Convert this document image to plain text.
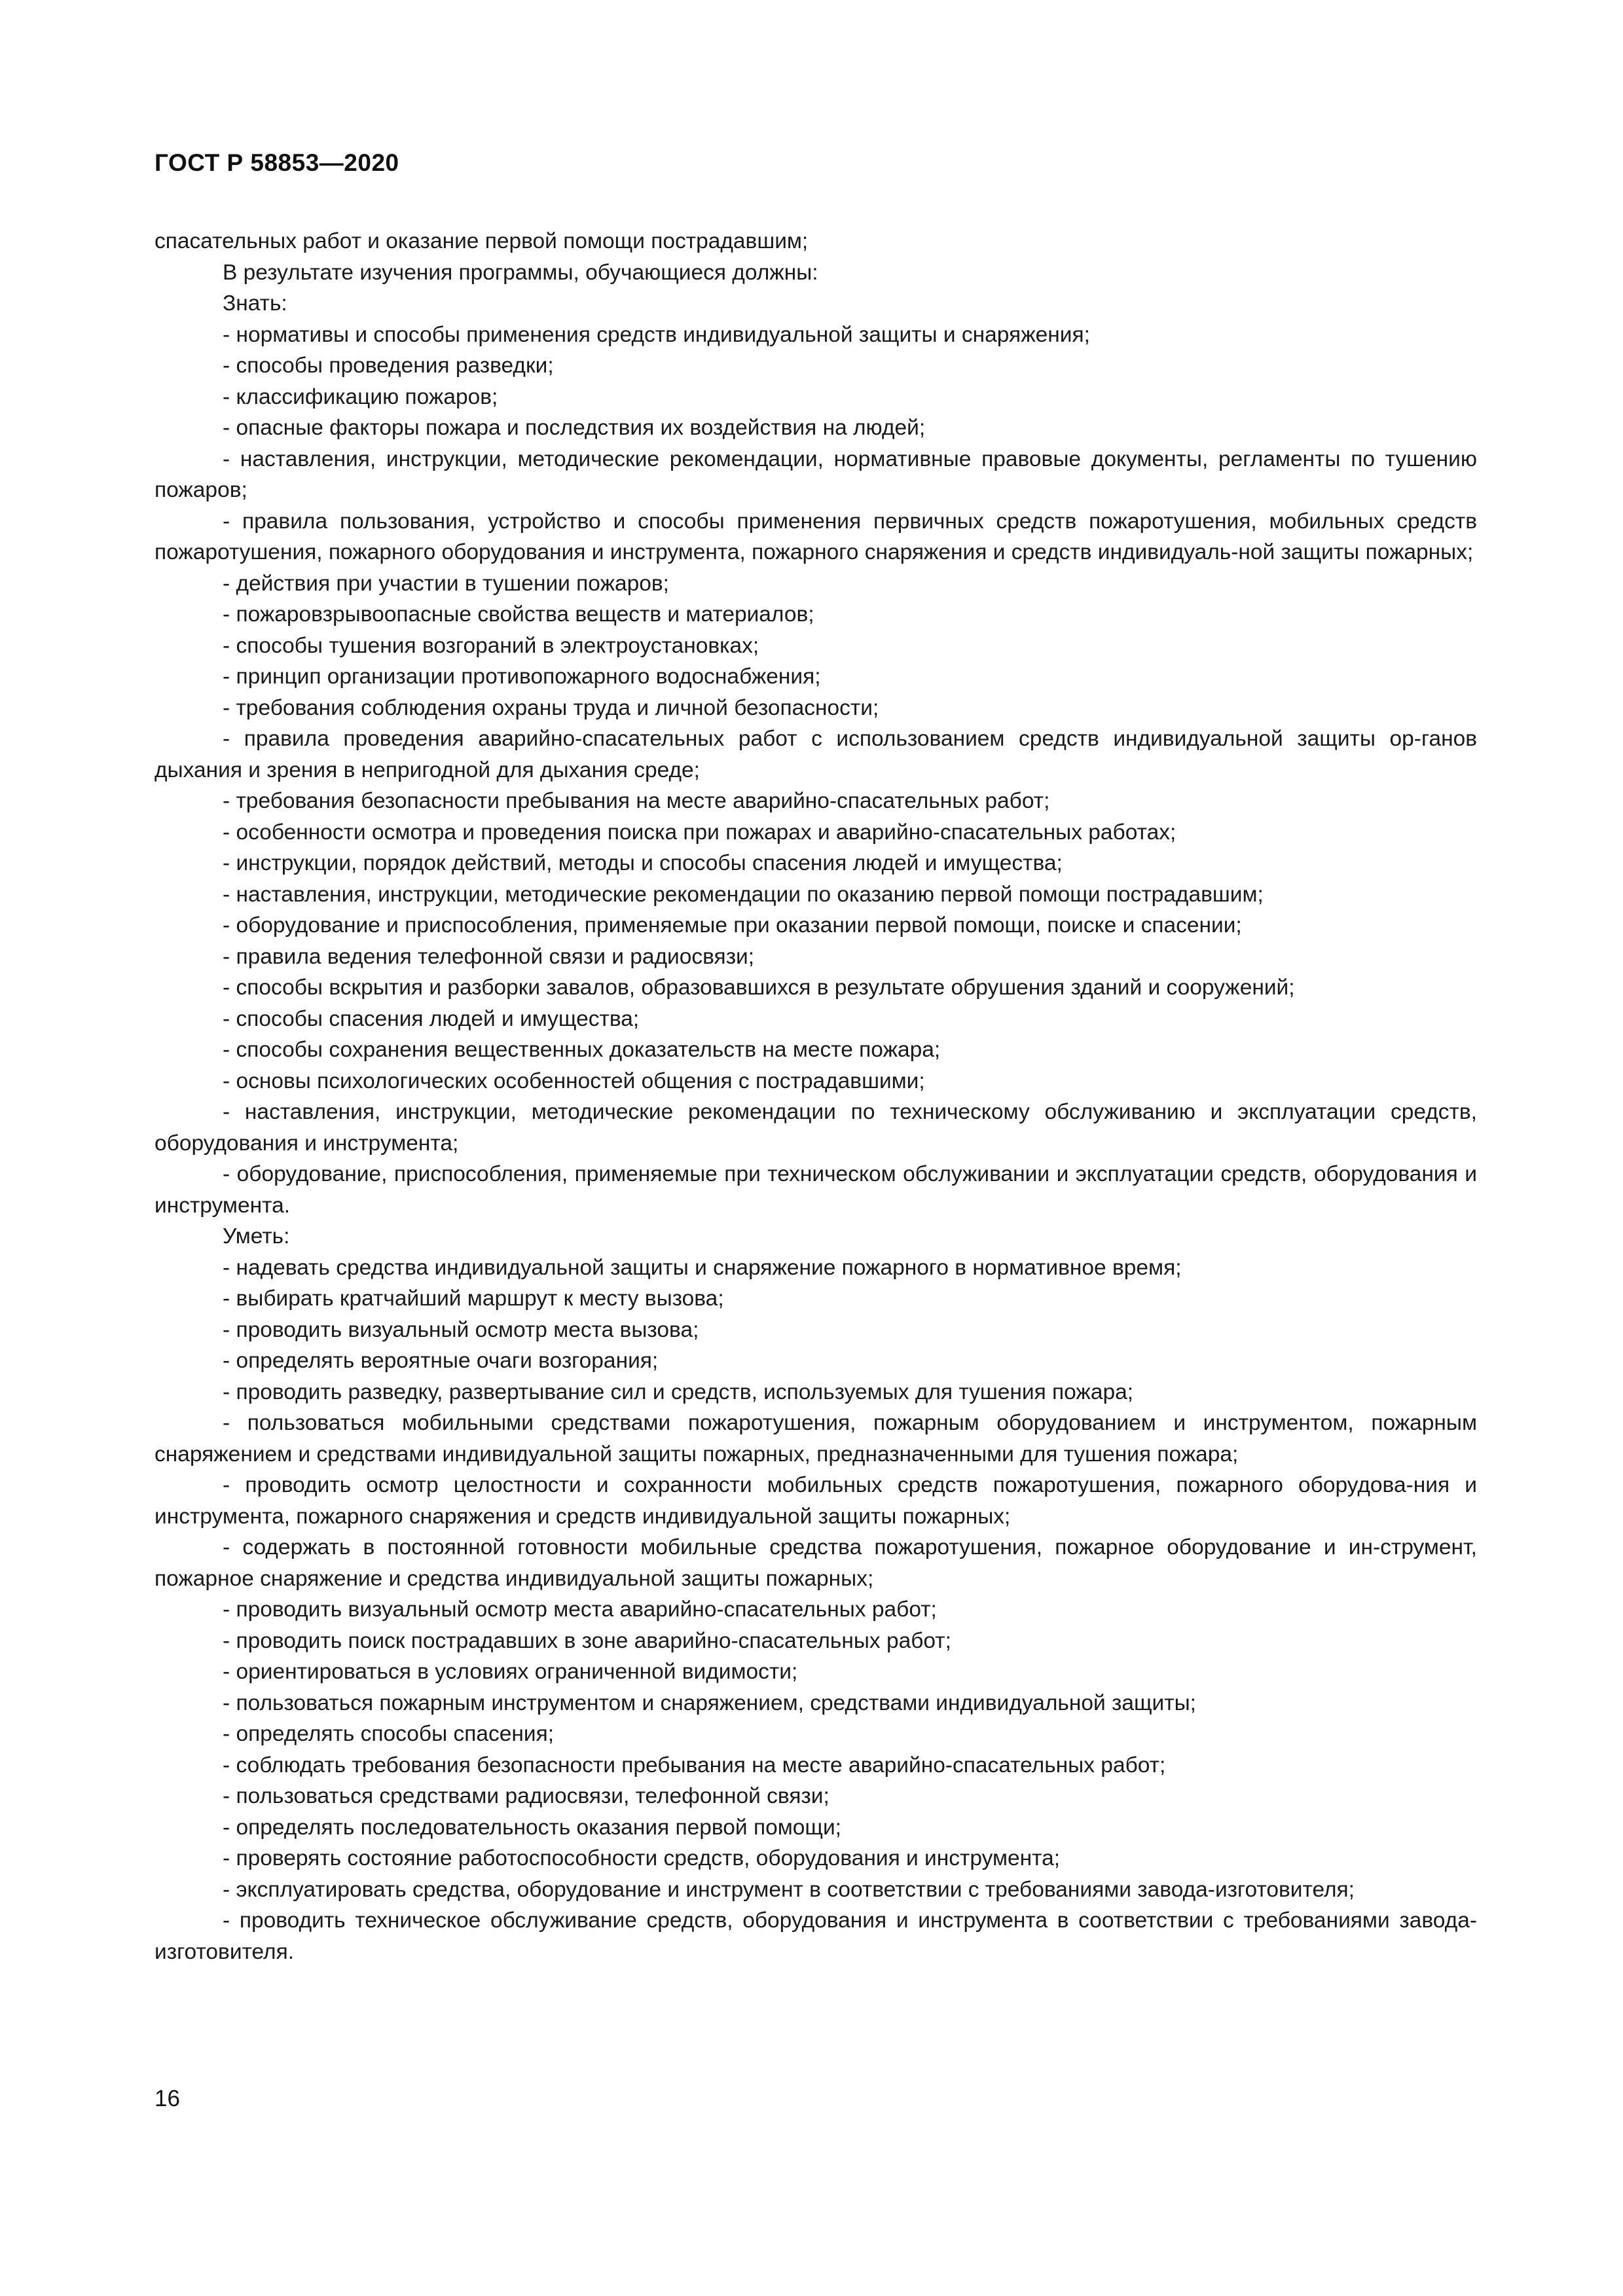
ГОСТ Р 58853—2020

спасательных работ и оказание первой помощи пострадавшим;

В результате изучения программы, обучающиеся должны:

Знать:

- нормативы и способы применения средств индивидуальной защиты и снаряжения;

- способы проведения разведки;

- классификацию пожаров;

- опасные факторы пожара и последствия их воздействия на людей;

- наставления, инструкции, методические рекомендации, нормативные правовые документы, регламенты по тушению пожаров;

- правила пользования, устройство и способы применения первичных средств пожаротушения, мобильных средств пожаротушения, пожарного оборудования и инструмента, пожарного снаряжения и средств индивидуаль-ной защиты пожарных;

- действия при участии в тушении пожаров;

- пожаровзрывоопасные свойства веществ и материалов;

- способы тушения возгораний в электроустановках;

- принцип организации противопожарного водоснабжения;

- требования соблюдения охраны труда и личной безопасности;

- правила проведения аварийно-спасательных работ с использованием средств индивидуальной защиты ор-ганов дыхания и зрения в непригодной для дыхания среде;

- требования безопасности пребывания на месте аварийно-спасательных работ;

- особенности осмотра и проведения поиска при пожарах и аварийно-спасательных работах;

- инструкции, порядок действий, методы и способы спасения людей и имущества;

- наставления, инструкции, методические рекомендации по оказанию первой помощи пострадавшим;

- оборудование и приспособления, применяемые при оказании первой помощи, поиске и спасении;

- правила ведения телефонной связи и радиосвязи;

- способы вскрытия и разборки завалов, образовавшихся в результате обрушения зданий и сооружений;

- способы спасения людей и имущества;

- способы сохранения вещественных доказательств на месте пожара;

- основы психологических особенностей общения с пострадавшими;

- наставления, инструкции, методические рекомендации по техническому обслуживанию и эксплуатации средств, оборудования и инструмента;

- оборудование, приспособления, применяемые при техническом обслуживании и эксплуатации средств, оборудования и инструмента.

Уметь:

- надевать средства индивидуальной защиты и снаряжение пожарного в нормативное время;

- выбирать кратчайший маршрут к месту вызова;

- проводить визуальный осмотр места вызова;

- определять вероятные очаги возгорания;

- проводить разведку, развертывание сил и средств, используемых для тушения пожара;

- пользоваться мобильными средствами пожаротушения, пожарным оборудованием и инструментом, пожарным снаряжением и средствами индивидуальной защиты пожарных, предназначенными для тушения пожара;

- проводить осмотр целостности и сохранности мобильных средств пожаротушения, пожарного оборудова-ния и инструмента, пожарного снаряжения и средств индивидуальной защиты пожарных;

- содержать в постоянной готовности мобильные средства пожаротушения, пожарное оборудование и ин-струмент, пожарное снаряжение и средства индивидуальной защиты пожарных;

- проводить визуальный осмотр места аварийно-спасательных работ;

- проводить поиск пострадавших в зоне аварийно-спасательных работ;

- ориентироваться в условиях ограниченной видимости;

- пользоваться пожарным инструментом и снаряжением, средствами индивидуальной защиты;

- определять способы спасения;

- соблюдать требования безопасности пребывания на месте аварийно-спасательных работ;

- пользоваться средствами радиосвязи, телефонной связи;

- определять последовательность оказания первой помощи;

- проверять состояние работоспособности средств, оборудования и инструмента;

- эксплуатировать средства, оборудование и инструмент в соответствии с требованиями завода-изготовителя;

- проводить техническое обслуживание средств, оборудования и инструмента в соответствии с требованиями завода-изготовителя.

16
